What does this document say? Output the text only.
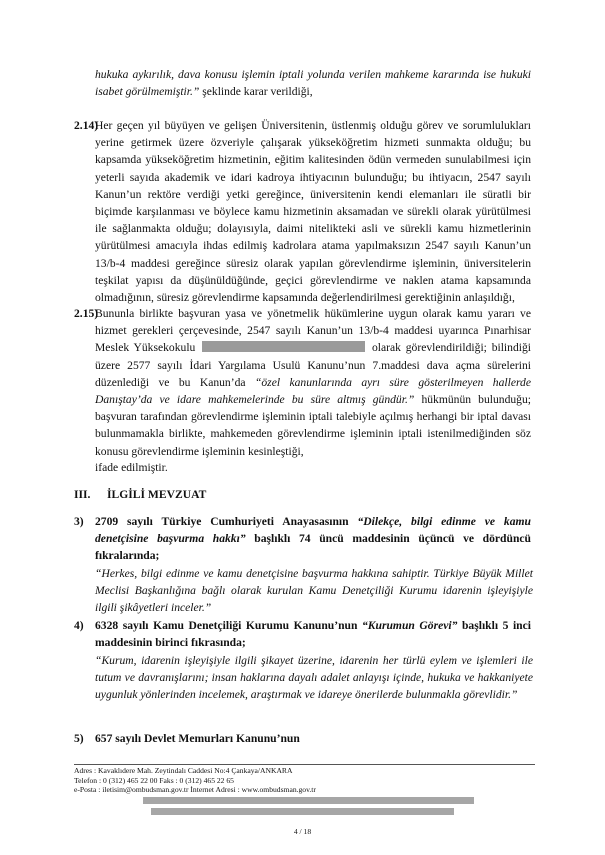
hukuka aykırılık, dava konusu işlemin iptali yolunda verilen mahkeme kararında ise hukuki isabet görülmemiştir.” şeklinde karar verildiği,
2.14)
Her geçen yıl büyüyen ve gelişen Üniversitenin, üstlenmiş olduğu görev ve sorumlulukları yerine getirmek üzere özveriyle çalışarak yükseköğretim hizmeti sunmakta olduğu; bu kapsamda yükseköğretim hizmetinin, eğitim kalitesinden ödün vermeden sunulabilmesi için yeterli sayıda akademik ve idari kadroya ihtiyacının bulunduğu; bu ihtiyacın, 2547 sayılı Kanun’un rektöre verdiği yetki gereğince, üniversitenin kendi elemanları ile süratli bir biçimde karşılanması ve böylece kamu hizmetinin aksamadan ve sürekli olarak yürütülmesi ile sağlanmakta olduğu; dolayısıyla, daimi nitelikteki asli ve sürekli kamu hizmetlerinin yürütülmesi amacıyla ihdas edilmiş kadrolara atama yapılmaksızın 2547 sayılı Kanun’un 13/b-4 maddesi gereğince süresiz olarak yapılan görevlendirme işleminin, üniversitelerin teşkilat yapısı da düşünüldüğünde, geçici görevlendirme ve naklen atama kapsamında olmadığının, süresiz görevlendirme kapsamında değerlendirilmesi gerektiğinin anlaşıldığı,
2.15)
Bununla birlikte başvuran yasa ve yönetmelik hükümlerine uygun olarak kamu yararı ve
hizmet gerekleri çerçevesinde, 2547 sayılı Kanun’un 13/b-4 maddesi uyarınca Pınarhisar
Meslek Yüksekokulu	olarak görevlendirildiği; bilindiği
üzere 2577 sayılı İdari Yargılama Usulü Kanunu’nun 7.maddesi dava açma sürelerini
düzenlediği ve bu Kanun’da “özel kanunlarında ayrı süre gösterilmeyen hallerde
Danıştay’da ve idare mahkemelerinde bu süre altmış gündür.” hükmünün bulunduğu;
başvuran tarafından görevlendirme işleminin iptali talebiyle açılmış herhangi bir iptal davası bulunmamakla birlikte, mahkemeden görevlendirme işleminin iptali istenilmediğinden söz konusu görevlendirme işleminin kesinleştiği,
ifade edilmiştir.
III. İLGİLİ MEVZUAT
3) 2709 sayılı Türkiye Cumhuriyeti Anayasasının “Dilekçe, bilgi edinme ve kamu denetçisine başvurma hakkı” başlıklı 74 üncü maddesinin üçüncü ve dördüncü fıkralarında;
“Herkes, bilgi edinme ve kamu denetçisine başvurma hakkına sahiptir. Türkiye Büyük Millet Meclisi Başkanlığına bağlı olarak kurulan Kamu Denetçiliği Kurumu idarenin işleyişiyle ilgili şikâyetleri inceler.”
4) 6328 sayılı Kamu Denetçiliği Kurumu Kanunu’nun “Kurumun Görevi” başlıklı 5 inci maddesinin birinci fıkrasında;
“Kurum, idarenin işleyişiyle ilgili şikayet üzerine, idarenin her türlü eylem ve işlemleri ile tutum ve davranışlarını; insan haklarına dayalı adalet anlayışı içinde, hukuka ve hakkaniyete uygunluk yönlerinden incelemek, araştırmak ve idareye önerilerde bulunmakla görevlidir.”
5) 657 sayılı Devlet Memurları Kanunu’nun
Adres : Kavaklıdere Mah. Zeytindalı Caddesi No:4 Çankaya/ANKARA
Telefon : 0 (312) 465 22 00 Faks : 0 (312) 465 22 65
e-Posta : iletisim@ombudsman.gov.tr İnternet Adresi : www.ombudsman.gov.tr
4 / 18
